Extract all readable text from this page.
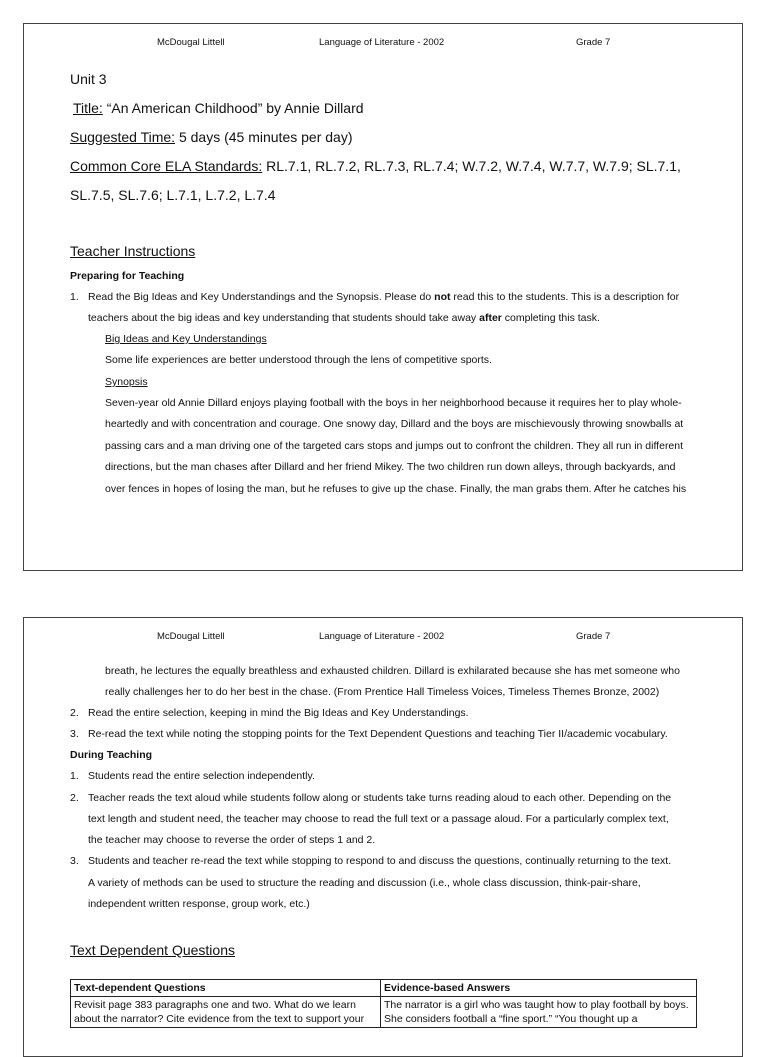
McDougal Littell	Language of Literature - 2002	Grade 7
Unit 3
Title: “An American Childhood” by Annie Dillard
Suggested Time: 5 days (45 minutes per day)
Common Core ELA Standards: RL.7.1, RL.7.2, RL.7.3, RL.7.4; W.7.2, W.7.4, W.7.7, W.7.9; SL.7.1,
SL.7.5, SL.7.6; L.7.1, L.7.2, L.7.4
Teacher Instructions
Preparing for Teaching
1. Read the Big Ideas and Key Understandings and the Synopsis. Please do not read this to the students. This is a description for
teachers about the big ideas and key understanding that students should take away after completing this task.
Big Ideas and Key Understandings
Some life experiences are better understood through the lens of competitive sports.
Synopsis
Seven-year old Annie Dillard enjoys playing football with the boys in her neighborhood because it requires her to play whole-
heartedly and with concentration and courage. One snowy day, Dillard and the boys are mischievously throwing snowballs at
passing cars and a man driving one of the targeted cars stops and jumps out to confront the children. They all run in different
directions, but the man chases after Dillard and her friend Mikey. The two children run down alleys, through backyards, and
over fences in hopes of losing the man, but he refuses to give up the chase. Finally, the man grabs them. After he catches his
McDougal Littell	Language of Literature - 2002	Grade 7
breath, he lectures the equally breathless and exhausted children. Dillard is exhilarated because she has met someone who
really challenges her to do her best in the chase. (From Prentice Hall Timeless Voices, Timeless Themes Bronze, 2002)
2. Read the entire selection, keeping in mind the Big Ideas and Key Understandings.
3. Re-read the text while noting the stopping points for the Text Dependent Questions and teaching Tier II/academic vocabulary.
During Teaching
1. Students read the entire selection independently.
2. Teacher reads the text aloud while students follow along or students take turns reading aloud to each other. Depending on the
text length and student need, the teacher may choose to read the full text or a passage aloud. For a particularly complex text,
the teacher may choose to reverse the order of steps 1 and 2.
3. Students and teacher re-read the text while stopping to respond to and discuss the questions, continually returning to the text.
A variety of methods can be used to structure the reading and discussion (i.e., whole class discussion, think-pair-share,
independent written response, group work, etc.)
Text Dependent Questions
Text-dependent Questions	Evidence-based Answers
Revisit page 383 paragraphs one and two. What do we learn about the narrator? Cite evidence from the text to support your	The narrator is a girl who was taught how to play football by boys. She considers football a “fine sport.” “You thought up a
